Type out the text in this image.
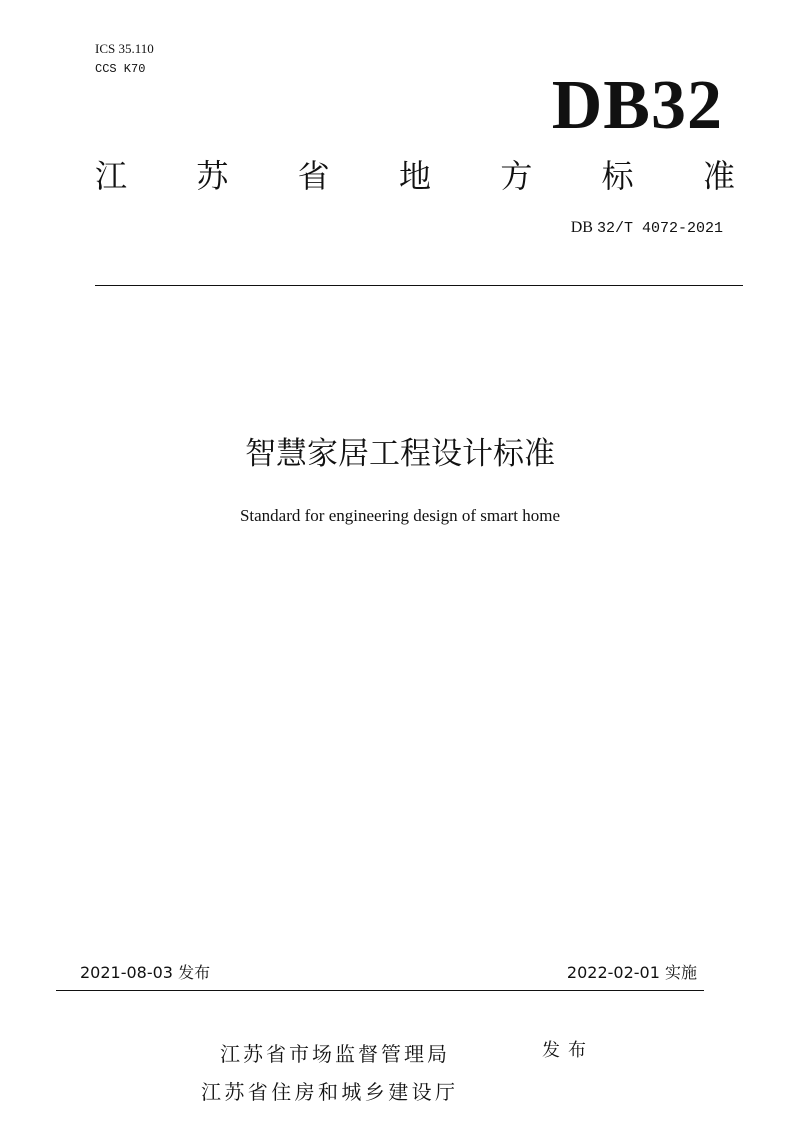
ICS 35.110
CCS K70	DB32
江 苏 省 地 方 标 准
DB 32/T 4072-2021
智慧家居工程设计标准
Standard for engineering design of smart home
2021-08-03 发布	2022-02-01 实施
江苏省市场监督管理局
江苏省住房和城乡建设厅
发布
